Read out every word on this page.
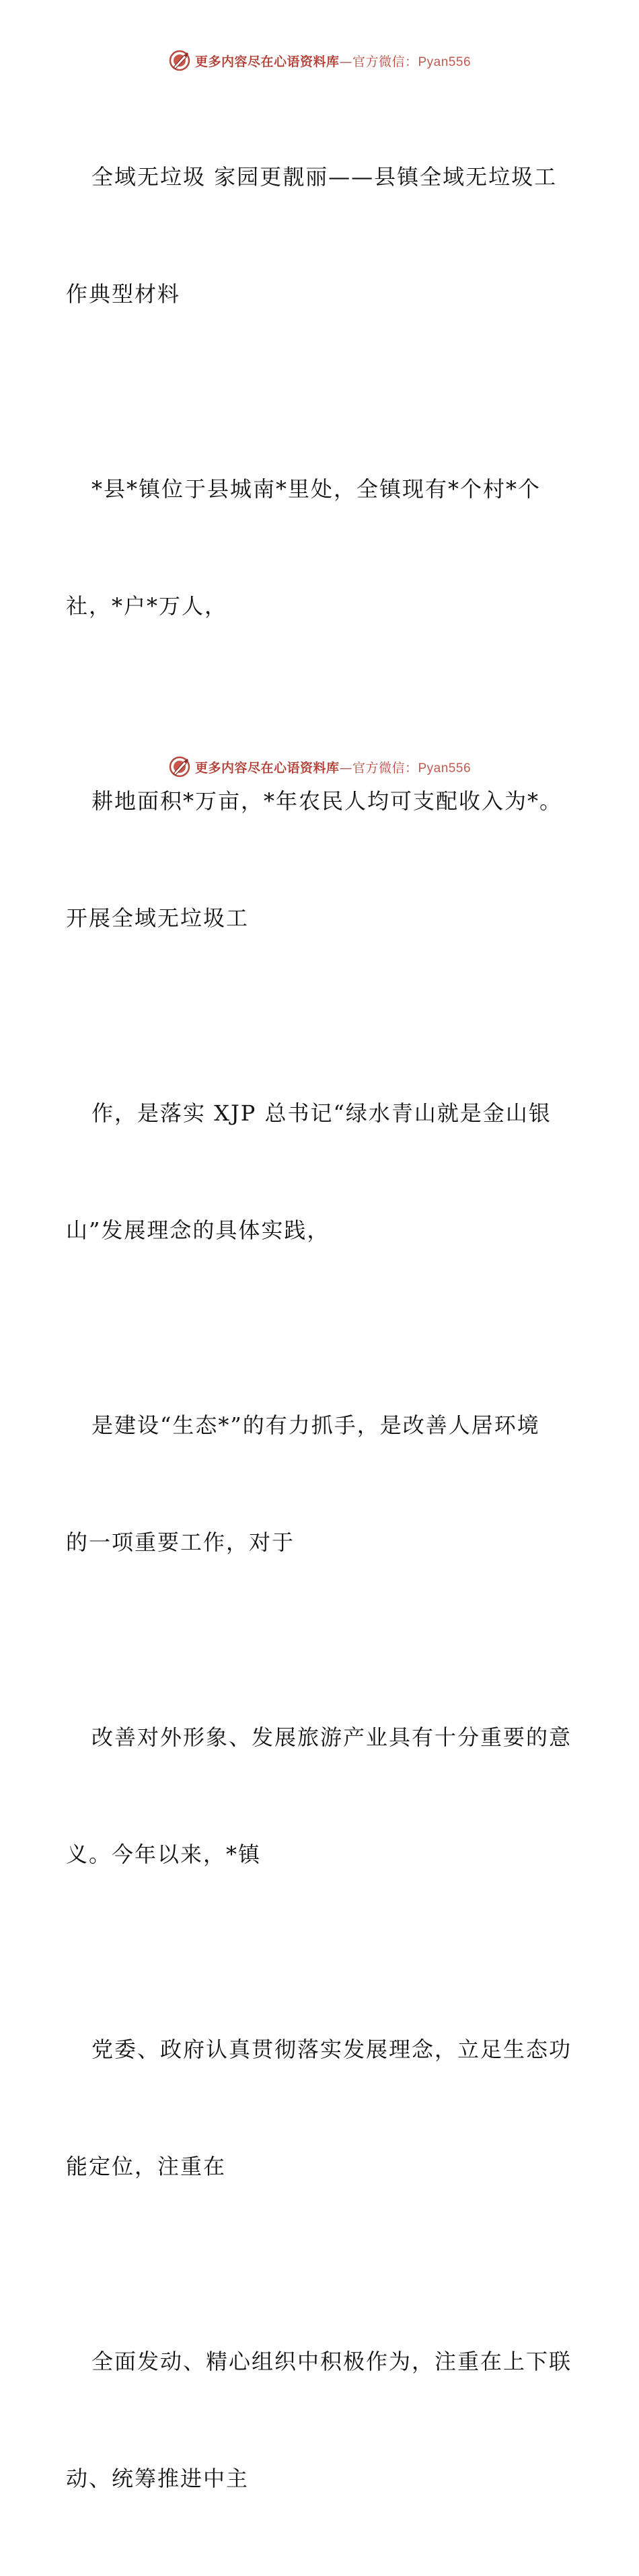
更多内容尽在心语资料库—官方微信：Pyan556

全域无垃圾 家园更靓丽——县镇全域无垃圾工

作典型材料

*县*镇位于县城南*里处，全镇现有*个村*个

社，*户*万人，

耕地面积*万亩，*年农民人均可支配收入为*。

开展全域无垃圾工

作，是落实 XJP 总书记“绿水青山就是金山银

山”发展理念的具体实践，

是建设“生态*”的有力抓手，是改善人居环境

的一项重要工作，对于

改善对外形象、发展旅游产业具有十分重要的意

义。今年以来，*镇

党委、政府认真贯彻落实发展理念，立足生态功

能定位，注重在

全面发动、精心组织中积极作为，注重在上下联

动、统筹推进中主

更多内容尽在心语资料库—官方微信：Pyan556
